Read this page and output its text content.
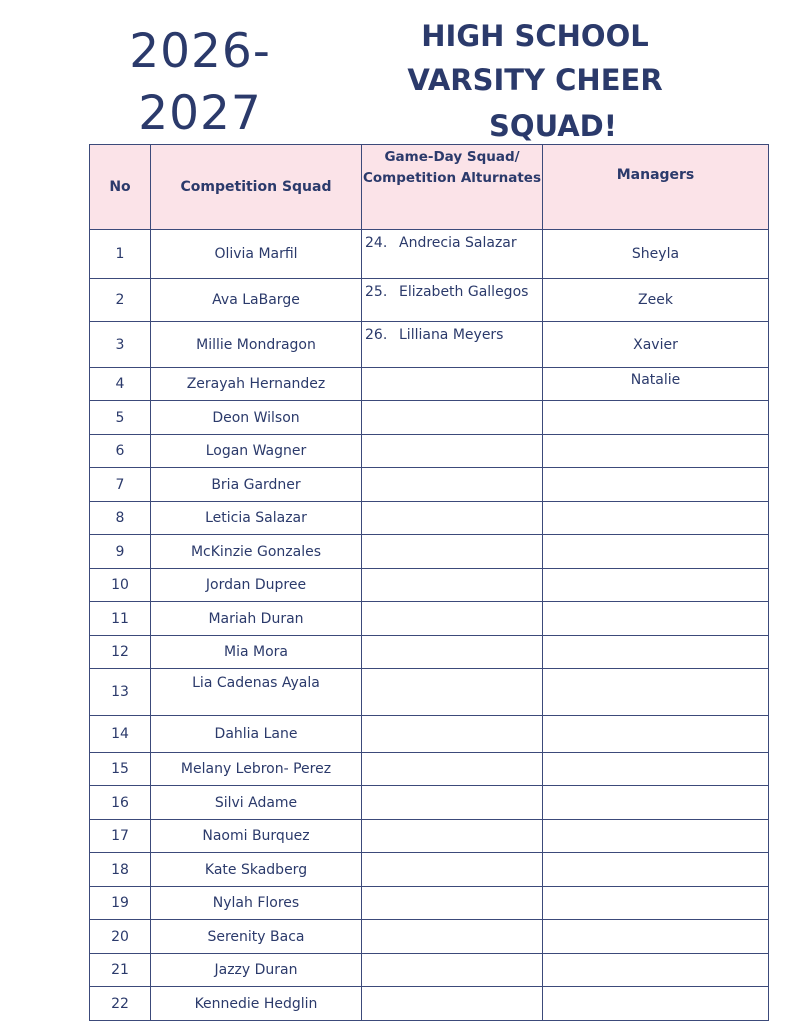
2026-
2027
HIGH SCHOOL
VARSITY CHEER
SQUAD!
No	Competition Squad	Game-Day Squad/ Competition Alturnates	Managers
1	Olivia Marfil	24. Andrecia Salazar	Sheyla
2	Ava LaBarge	25. Elizabeth Gallegos	Zeek
3	Millie Mondragon	26. Lilliana Meyers	Xavier
4	Zerayah Hernandez		Natalie
5	Deon Wilson		
6	Logan Wagner		
7	Bria Gardner		
8	Leticia Salazar		
9	McKinzie Gonzales		
10	Jordan Dupree		
11	Mariah Duran		
12	Mia Mora		
13	Lia Cadenas Ayala		
14	Dahlia Lane		
15	Melany Lebron- Perez		
16	Silvi Adame		
17	Naomi Burquez		
18	Kate Skadberg		
19	Nylah Flores		
20	Serenity Baca		
21	Jazzy Duran		
22	Kennedie Hedglin		
